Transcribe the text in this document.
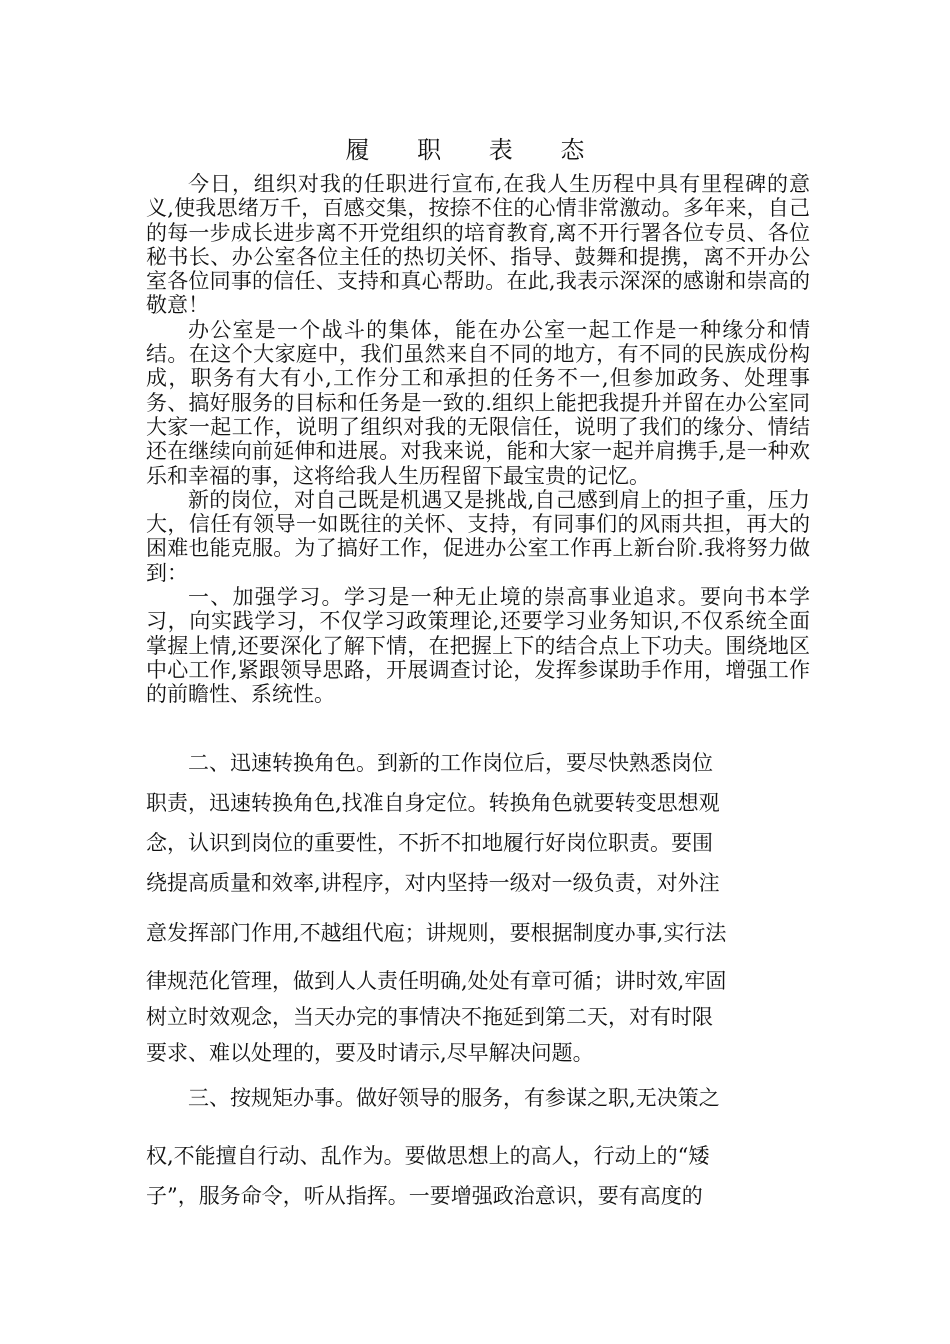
履 职 表 态

今日，组织对我的任职进行宣布,在我人生历程中具有里程碑的意义,使我思绪万千，百感交集，按捺不住的心情非常激动。多年来，自己的每一步成长进步离不开党组织的培育教育,离不开行署各位专员、各位秘书长、办公室各位主任的热切关怀、指导、鼓舞和提携，离不开办公室各位同事的信任、支持和真心帮助。在此,我表示深深的感谢和崇高的敬意！

办公室是一个战斗的集体，能在办公室一起工作是一种缘分和情结。在这个大家庭中，我们虽然来自不同的地方，有不同的民族成份构成，职务有大有小,工作分工和承担的任务不一,但参加政务、处理事务、搞好服务的目标和任务是一致的.组织上能把我提升并留在办公室同大家一起工作，说明了组织对我的无限信任，说明了我们的缘分、情结还在继续向前延伸和进展。对我来说，能和大家一起并肩携手,是一种欢乐和幸福的事，这将给我人生历程留下最宝贵的记忆。

新的岗位，对自己既是机遇又是挑战,自己感到肩上的担子重，压力大，信任有领导一如既往的关怀、支持，有同事们的风雨共担，再大的困难也能克服。为了搞好工作，促进办公室工作再上新台阶.我将努力做到：

一、加强学习。学习是一种无止境的崇高事业追求。要向书本学习，向实践学习，不仅学习政策理论,还要学习业务知识,不仅系统全面掌握上情,还要深化了解下情，在把握上下的结合点上下功夫。围绕地区中心工作,紧跟领导思路，开展调查讨论，发挥参谋助手作用，增强工作的前瞻性、系统性。

　　二、迅速转换角色。到新的工作岗位后，要尽快熟悉岗位

职责，迅速转换角色,找准自身定位。转换角色就要转变思想观

念，认识到岗位的重要性，不折不扣地履行好岗位职责。要围

绕提高质量和效率,讲程序，对内坚持一级对一级负责，对外注

意发挥部门作用,不越组代庖；讲规则，要根据制度办事,实行法

律规范化管理，做到人人责任明确,处处有章可循；讲时效,牢固

树立时效观念，当天办完的事情决不拖延到第二天，对有时限

要求、难以处理的，要及时请示,尽早解决问题。

　　三、按规矩办事。做好领导的服务，有参谋之职,无决策之

权,不能擅自行动、乱作为。要做思想上的高人，行动上的“矮

子”，服务命令，听从指挥。一要增强政治意识，要有高度的
